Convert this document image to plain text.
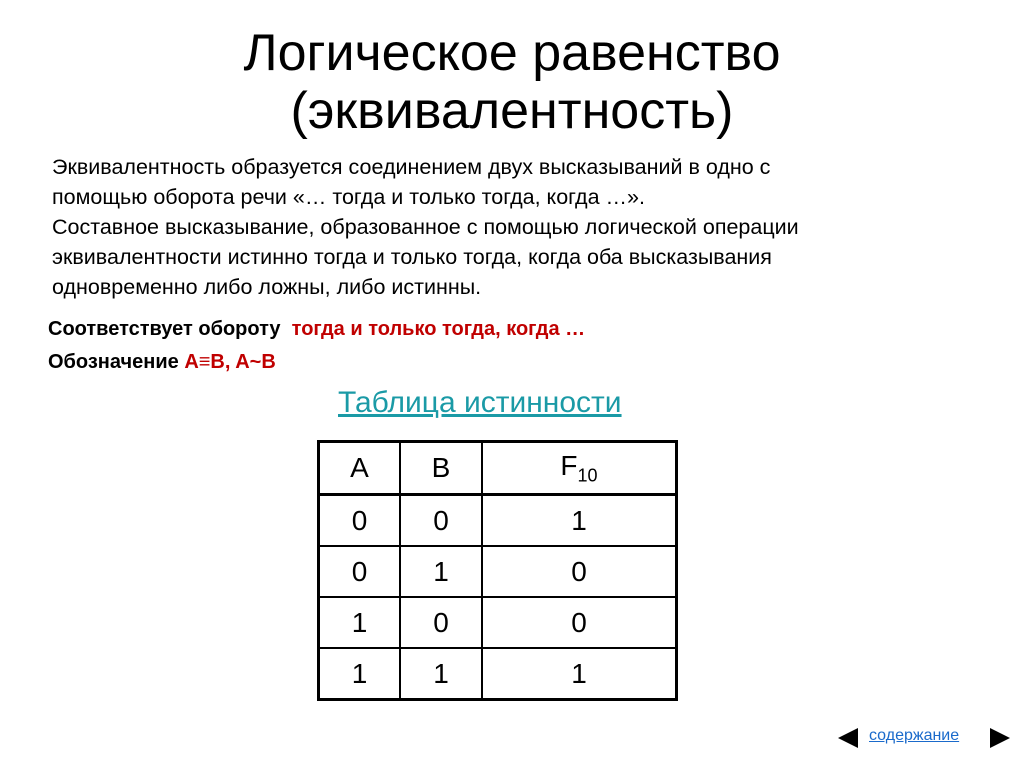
Логическое равенство
(эквивалентность)
Эквивалентность образуется соединением двух высказываний в одно с
помощью оборота речи «… тогда и только тогда, когда …».
Составное высказывание, образованное с помощью логической операции
эквивалентности истинно тогда и только тогда, когда оба высказывания
одновременно либо ложны, либо истинны.
Соответствует обороту тогда и только тогда, когда …
Обозначение A≡B, A~B
Таблица истинности
A	B	$F_{10}$
0	0	1
0	1	0
1	0	0
1	1	1
содержание
